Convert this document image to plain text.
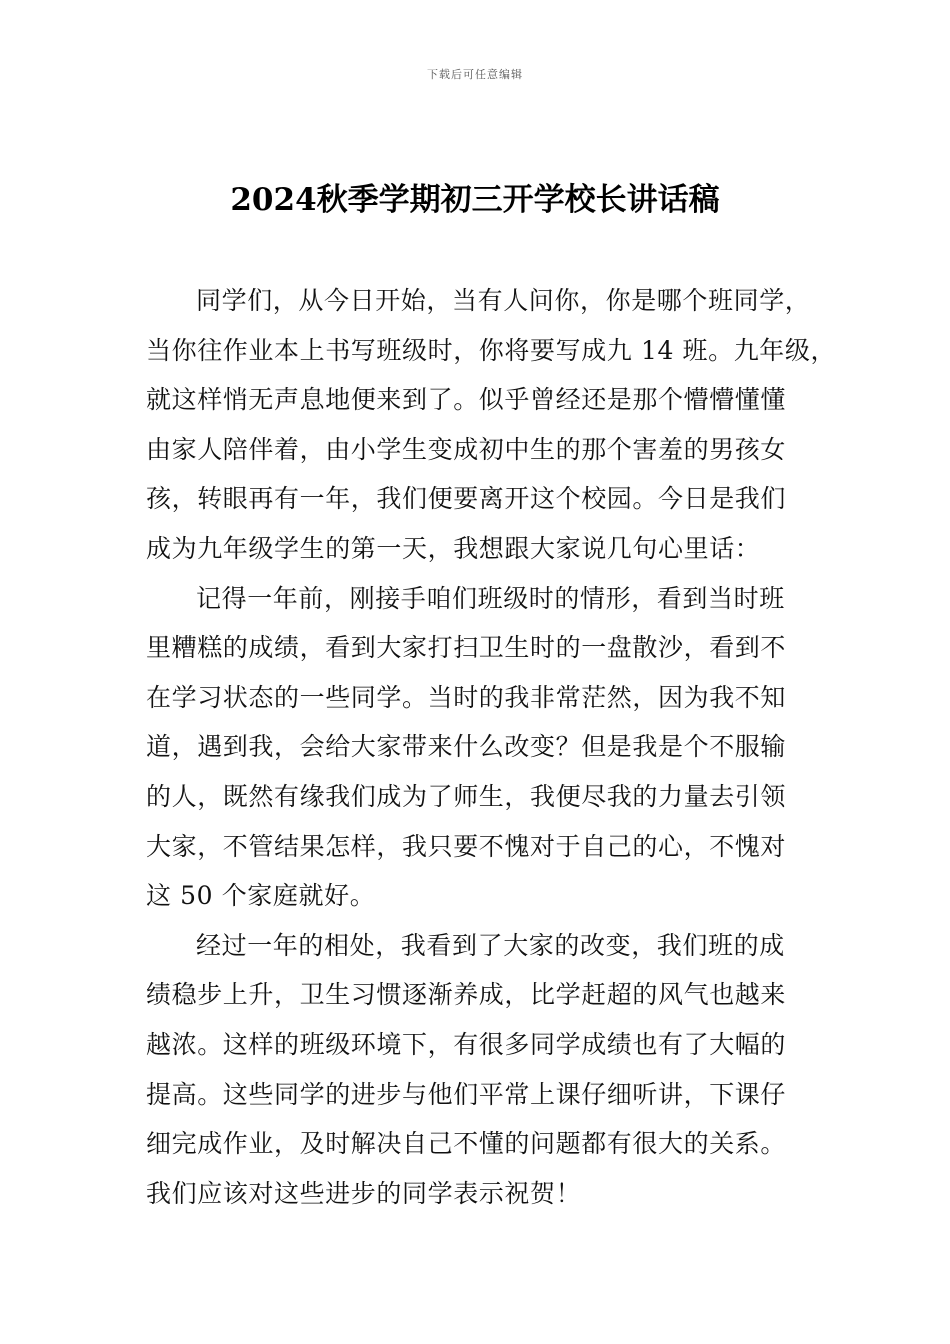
下载后可任意编辑
2024秋季学期初三开学校长讲话稿
同学们，从今日开始，当有人问你，你是哪个班同学，
当你往作业本上书写班级时，你将要写成九 14 班。九年级，
就这样悄无声息地便来到了。似乎曾经还是那个懵懵懂懂
由家人陪伴着，由小学生变成初中生的那个害羞的男孩女
孩，转眼再有一年，我们便要离开这个校园。今日是我们
成为九年级学生的第一天，我想跟大家说几句心里话：
记得一年前，刚接手咱们班级时的情形，看到当时班
里糟糕的成绩，看到大家打扫卫生时的一盘散沙，看到不
在学习状态的一些同学。当时的我非常茫然，因为我不知
道，遇到我，会给大家带来什么改变？但是我是个不服输
的人，既然有缘我们成为了师生，我便尽我的力量去引领
大家，不管结果怎样，我只要不愧对于自己的心，不愧对
这 50 个家庭就好。
经过一年的相处，我看到了大家的改变，我们班的成
绩稳步上升，卫生习惯逐渐养成，比学赶超的风气也越来
越浓。这样的班级环境下，有很多同学成绩也有了大幅的
提高。这些同学的进步与他们平常上课仔细听讲，下课仔
细完成作业，及时解决自己不懂的问题都有很大的关系。
我们应该对这些进步的同学表示祝贺！
